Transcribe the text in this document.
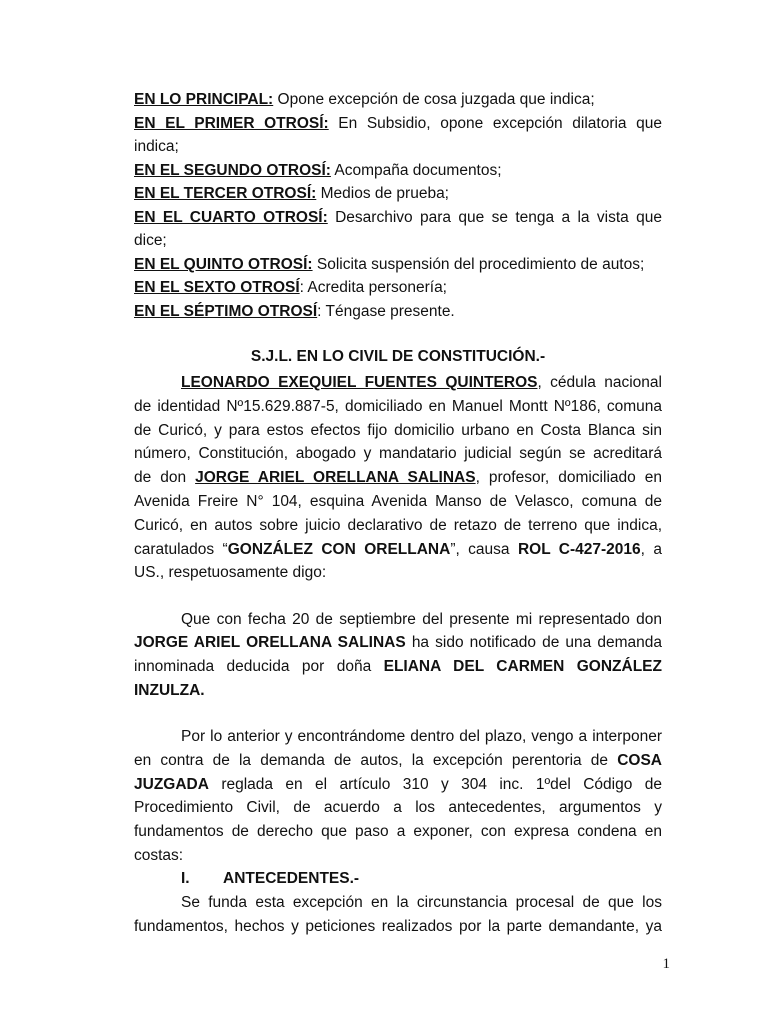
EN LO PRINCIPAL: Opone excepción de cosa juzgada que indica;
EN EL PRIMER OTROSÍ: En Subsidio, opone excepción dilatoria que
indica;
EN EL SEGUNDO OTROSÍ: Acompaña documentos;
EN EL TERCER OTROSÍ: Medios de prueba;
EN EL CUARTO OTROSÍ: Desarchivo para que se tenga a la vista que
dice;
EN EL QUINTO OTROSÍ: Solicita suspensión del procedimiento de autos;
EN EL SEXTO OTROSÍ: Acredita personería;
EN EL SÉPTIMO OTROSÍ: Téngase presente.
S.J.L. EN LO CIVIL DE CONSTITUCIÓN.-
LEONARDO EXEQUIEL FUENTES QUINTEROS, cédula nacional
de identidad Nº15.629.887-5, domiciliado en Manuel Montt Nº186, comuna
de Curicó, y para estos efectos fijo domicilio urbano en Costa Blanca sin
número, Constitución, abogado y mandatario judicial según se acreditará
de don JORGE ARIEL ORELLANA SALINAS, profesor, domiciliado en
Avenida Freire N° 104, esquina Avenida Manso de Velasco, comuna de
Curicó, en autos sobre juicio declarativo de retazo de terreno que indica,
caratulados “GONZÁLEZ CON ORELLANA”, causa ROL C-427-2016, a
US., respetuosamente digo:
Que con fecha 20 de septiembre del presente mi representado don
JORGE ARIEL ORELLANA SALINAS ha sido notificado de una demanda
innominada deducida por doña ELIANA DEL CARMEN GONZÁLEZ
INZULZA.
Por lo anterior y encontrándome dentro del plazo, vengo a interponer
en contra de la demanda de autos, la excepción perentoria de COSA
JUZGADA reglada en el artículo 310 y 304 inc. 1ºdel Código de
Procedimiento Civil, de acuerdo a los antecedentes, argumentos y
fundamentos de derecho que paso a exponer, con expresa condena en
costas:
I.	ANTECEDENTES.-
Se funda esta excepción en la circunstancia procesal de que los
fundamentos, hechos y peticiones realizados por la parte demandante, ya
1
